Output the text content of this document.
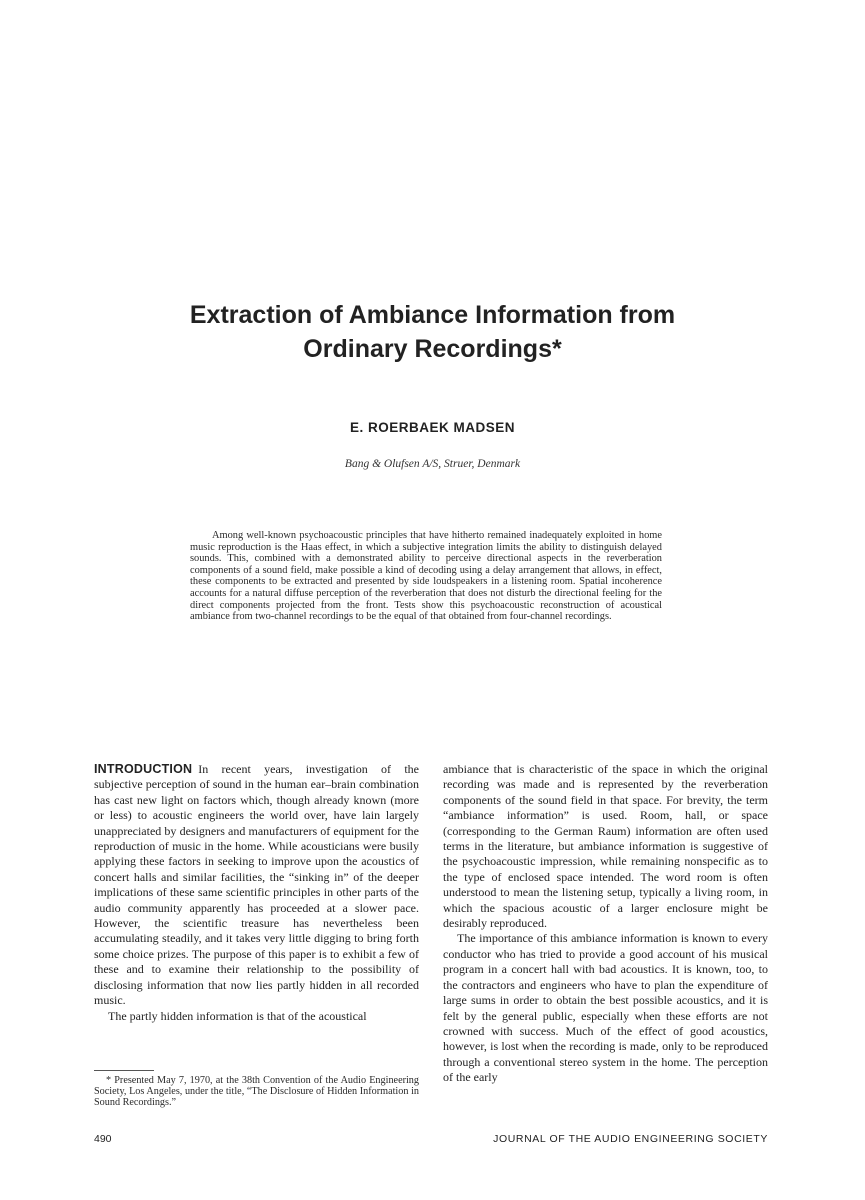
Extraction of Ambiance Information from
Ordinary Recordings*
E. ROERBAEK MADSEN
Bang & Olufsen A/S, Struer, Denmark

Among well-known psychoacoustic principles that have hitherto remained inadequately exploited in home music reproduction is the Haas effect, in which a subjective integration limits the ability to distinguish delayed sounds. This, combined with a demonstrated ability to perceive directional aspects in the reverberation components of a sound field, make possible a kind of decoding using a delay arrangement that allows, in effect, these components to be extracted and presented by side loudspeakers in a listening room. Spatial incoherence accounts for a natural diffuse perception of the reverberation that does not disturb the directional feeling for the direct components projected from the front. Tests show this psychoacoustic reconstruction of acoustical ambiance from two-channel recordings to be the equal of that obtained from four-channel recordings.

INTRODUCTION In recent years, investigation of the subjective perception of sound in the human ear–brain combination has cast new light on factors which, though already known (more or less) to acoustic engineers the world over, have lain largely unappreciated by designers and manufacturers of equipment for the reproduction of music in the home. While acousticians were busily applying these factors in seeking to improve upon the acoustics of concert halls and similar facilities, the “sinking in” of the deeper implications of these same scientific principles in other parts of the audio community apparently has proceeded at a slower pace. However, the scientific treasure has nevertheless been accumulating steadily, and it takes very little digging to bring forth some choice prizes. The purpose of this paper is to exhibit a few of these and to examine their relationship to the possibility of disclosing information that now lies partly hidden in all recorded music.

The partly hidden information is that of the acoustical

* Presented May 7, 1970, at the 38th Convention of the Audio Engineering Society, Los Angeles, under the title, “The Disclosure of Hidden Information in Sound Recordings.”

ambiance that is characteristic of the space in which the original recording was made and is represented by the reverberation components of the sound field in that space. For brevity, the term “ambiance information” is used. Room, hall, or space (corresponding to the German Raum) information are often used terms in the literature, but ambiance information is suggestive of the psychoacoustic impression, while remaining nonspecific as to the type of enclosed space intended. The word room is often understood to mean the listening setup, typically a living room, in which the spacious acoustic of a larger enclosure might be desirably reproduced.

The importance of this ambiance information is known to every conductor who has tried to provide a good account of his musical program in a concert hall with bad acoustics. It is known, too, to the contractors and engineers who have to plan the expenditure of large sums in order to obtain the best possible acoustics, and it is felt by the general public, especially when these efforts are not crowned with success. Much of the effect of good acoustics, however, is lost when the recording is made, only to be reproduced through a conventional stereo system in the home. The perception of the early

490	JOURNAL OF THE AUDIO ENGINEERING SOCIETY
